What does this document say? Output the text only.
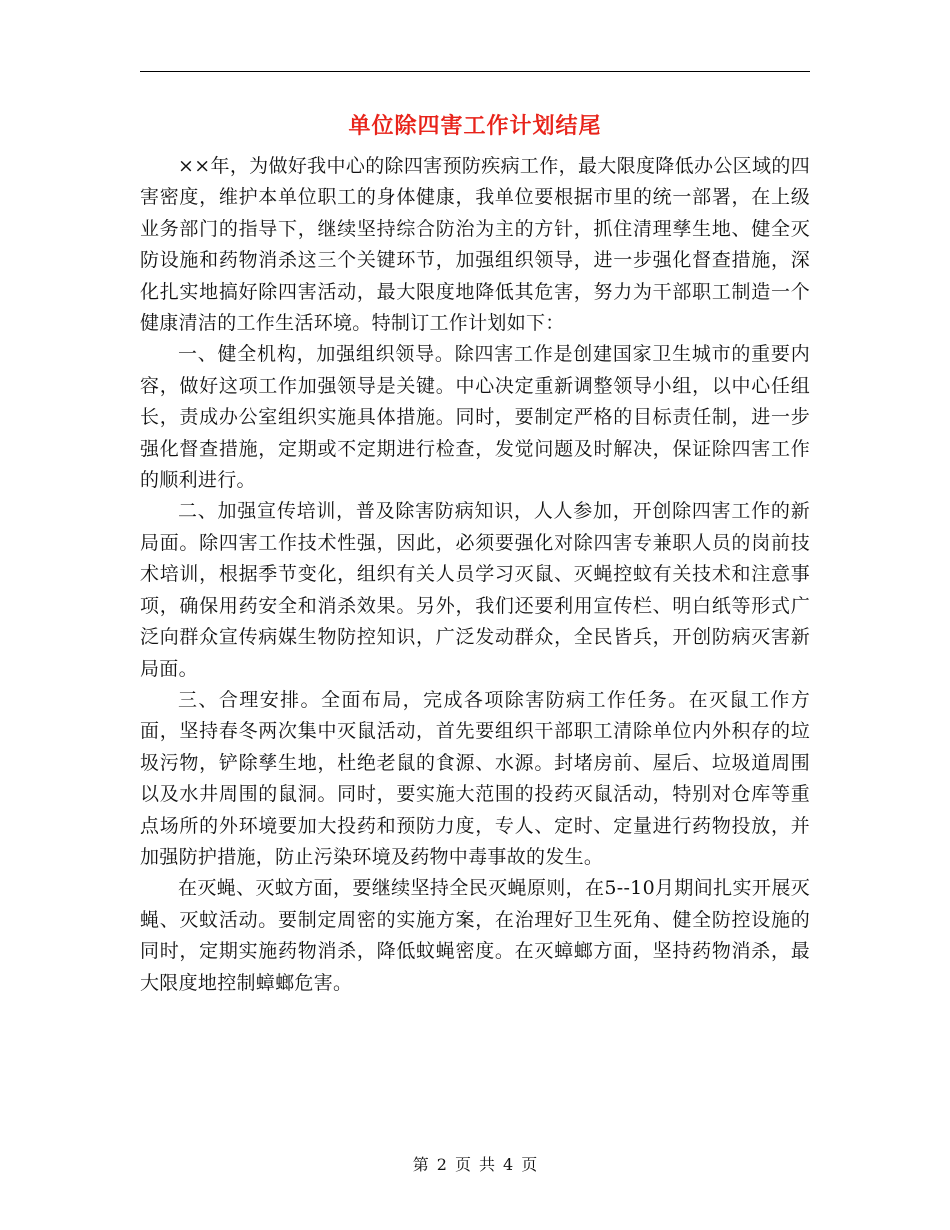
单位除四害工作计划结尾

××年，为做好我中心的除四害预防疾病工作，最大限度降低办公区域的四害密度，维护本单位职工的身体健康，我单位要根据市里的统一部署，在上级业务部门的指导下，继续坚持综合防治为主的方针，抓住清理孳生地、健全灭防设施和药物消杀这三个关键环节，加强组织领导，进一步强化督查措施，深化扎实地搞好除四害活动，最大限度地降低其危害，努力为干部职工制造一个健康清洁的工作生活环境。特制订工作计划如下：

一、健全机构，加强组织领导。除四害工作是创建国家卫生城市的重要内容，做好这项工作加强领导是关键。中心决定重新调整领导小组，以中心任组长，责成办公室组织实施具体措施。同时，要制定严格的目标责任制，进一步强化督查措施，定期或不定期进行检查，发觉问题及时解决，保证除四害工作的顺利进行。

二、加强宣传培训，普及除害防病知识，人人参加，开创除四害工作的新局面。除四害工作技术性强，因此，必须要强化对除四害专兼职人员的岗前技术培训，根据季节变化，组织有关人员学习灭鼠、灭蝇控蚊有关技术和注意事项，确保用药安全和消杀效果。另外，我们还要利用宣传栏、明白纸等形式广泛向群众宣传病媒生物防控知识，广泛发动群众，全民皆兵，开创防病灭害新局面。

三、合理安排。全面布局，完成各项除害防病工作任务。在灭鼠工作方面，坚持春冬两次集中灭鼠活动，首先要组织干部职工清除单位内外积存的垃圾污物，铲除孳生地，杜绝老鼠的食源、水源。封堵房前、屋后、垃圾道周围以及水井周围的鼠洞。同时，要实施大范围的投药灭鼠活动，特别对仓库等重点场所的外环境要加大投药和预防力度，专人、定时、定量进行药物投放，并加强防护措施，防止污染环境及药物中毒事故的发生。

在灭蝇、灭蚊方面，要继续坚持全民灭蝇原则，在5--10月期间扎实开展灭蝇、灭蚊活动。要制定周密的实施方案，在治理好卫生死角、健全防控设施的同时，定期实施药物消杀，降低蚊蝇密度。在灭蟑螂方面，坚持药物消杀，最大限度地控制蟑螂危害。

第 2 页 共 4 页
